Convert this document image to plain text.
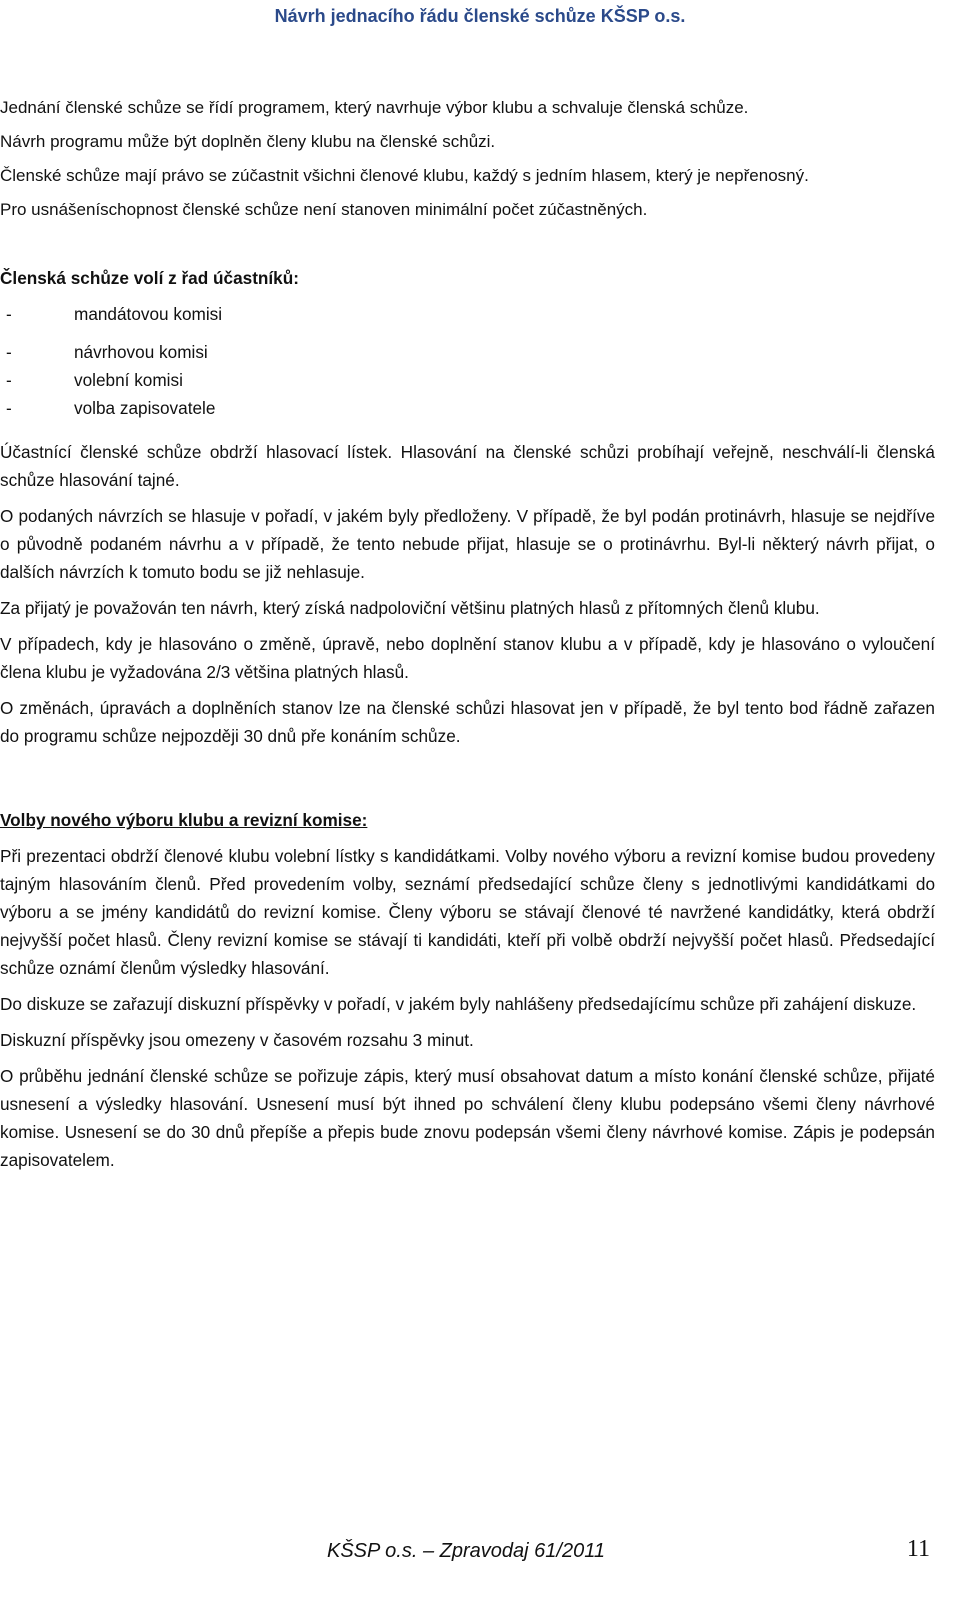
Návrh jednacího řádu členské schůze KŠSP o.s.

Jednání členské schůze se řídí programem, který navrhuje výbor klubu a schvaluje členská schůze.

Návrh programu může být doplněn členy klubu na členské schůzi.

Členské schůze mají právo se zúčastnit všichni členové klubu, každý s jedním hlasem, který je nepřenosný.

Pro usnášeníschopnost členské schůze není stanoven minimální počet zúčastněných.

Členská schůze volí z řad účastníků:

-	mandátovou komisi
-	návrhovou komisi
-	volební komisi
-	volba zapisovatele

Účastnící členské schůze obdrží hlasovací lístek. Hlasování na členské schůzi probíhají veřejně, neschválí-li členská schůze hlasování tajné.

O podaných návrzích se hlasuje v pořadí, v jakém byly předloženy. V případě, že byl podán protinávrh, hlasuje se nejdříve o původně podaném návrhu a v případě, že tento nebude přijat, hlasuje se o protinávrhu. Byl-li některý návrh přijat, o dalších návrzích k tomuto bodu se již nehlasuje.

Za přijatý je považován ten návrh, který získá nadpoloviční většinu platných hlasů z přítomných členů klubu.

V případech, kdy je hlasováno o změně, úpravě, nebo doplnění stanov klubu a v případě, kdy je hlasováno o vyloučení člena klubu je vyžadována 2/3 většina platných hlasů.

O změnách, úpravách a doplněních stanov lze na členské schůzi hlasovat jen v případě, že byl tento bod řádně zařazen do programu schůze nejpozději 30 dnů pře konáním schůze.

Volby nového výboru klubu a revizní komise:

Při prezentaci obdrží členové klubu volební lístky s kandidátkami. Volby nového výboru a revizní komise budou provedeny tajným hlasováním členů. Před provedením volby, seznámí předsedající schůze členy s jednotlivými kandidátkami do výboru a se jmény kandidátů do revizní komise. Členy výboru se stávají členové té navržené kandidátky, která obdrží nejvyšší počet hlasů. Členy revizní komise se stávají ti kandidáti, kteří při volbě obdrží nejvyšší počet hlasů. Předsedající schůze oznámí členům výsledky hlasování.

Do diskuze se zařazují diskuzní příspěvky v pořadí, v jakém byly nahlášeny předsedajícímu schůze při zahájení diskuze.

Diskuzní příspěvky jsou omezeny v časovém rozsahu 3 minut.

O průběhu jednání členské schůze se pořizuje zápis, který musí obsahovat datum a místo konání členské schůze, přijaté usnesení a výsledky hlasování. Usnesení musí být ihned po schválení členy klubu podepsáno všemi členy návrhové komise. Usnesení se do 30 dnů přepíše a přepis bude znovu podepsán všemi členy návrhové komise. Zápis je podepsán zapisovatelem.

KŠSP o.s. – Zpravodaj 61/2011	11
